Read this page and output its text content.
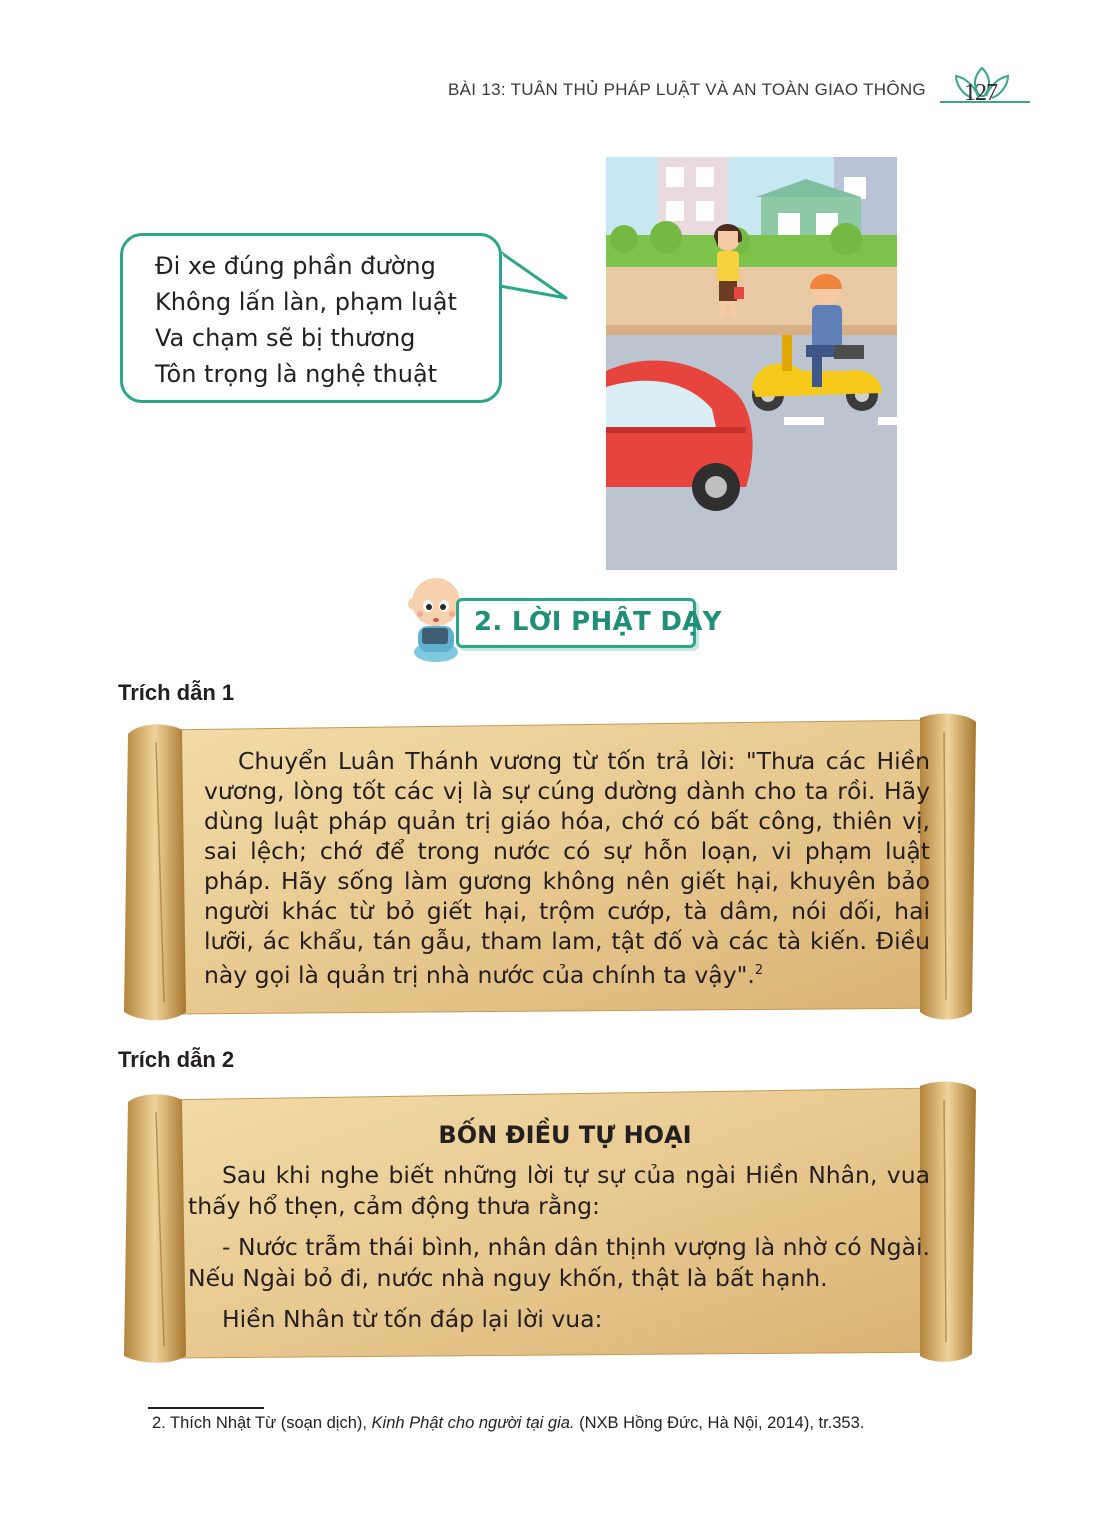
BÀI 13: TUÂN THỦ PHÁP LUẬT VÀ AN TOÀN GIAO THÔNG 127
Đi xe đúng phần đường
Không lấn làn, phạm luật
Va chạm sẽ bị thương
Tôn trọng là nghệ thuật
2. LỜI PHẬT DẠY
Trích dẫn 1

Chuyển Luân Thánh vương từ tốn trả lời: "Thưa các Hiền vương, lòng tốt các vị là sự cúng dường dành cho ta rồi. Hãy dùng luật pháp quản trị giáo hóa, chớ có bất công, thiên vị, sai lệch; chớ để trong nước có sự hỗn loạn, vi phạm luật pháp. Hãy sống làm gương không nên giết hại, khuyên bảo người khác từ bỏ giết hại, trộm cướp, tà dâm, nói dối, hai lưỡi, ác khẩu, tán gẫu, tham lam, tật đố và các tà kiến. Điều này gọi là quản trị nhà nước của chính ta vậy".$^2$

Trích dẫn 2
BỐN ĐIỀU TỰ HOẠI

Sau khi nghe biết những lời tự sự của ngài Hiền Nhân, vua thấy hổ thẹn, cảm động thưa rằng:

- Nước trẫm thái bình, nhân dân thịnh vượng là nhờ có Ngài. Nếu Ngài bỏ đi, nước nhà nguy khốn, thật là bất hạnh.

Hiền Nhân từ tốn đáp lại lời vua:

2. Thích Nhật Từ (soạn dịch), Kinh Phật cho người tại gia. (NXB Hồng Đức, Hà Nội, 2014), tr.353.
